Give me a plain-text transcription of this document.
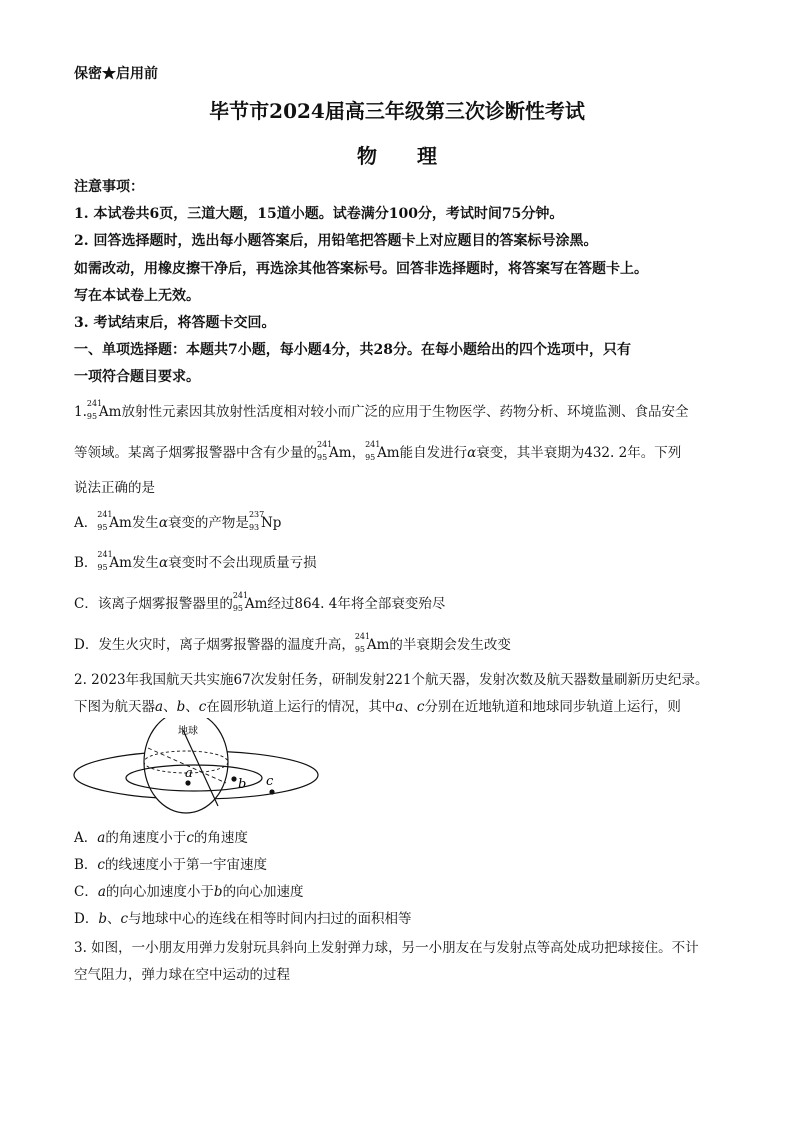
保密★启用前
毕节市2024届高三年级第三次诊断性考试
物 理
注意事项：
1. 本试卷共6页，三道大题，15道小题。试卷满分100分，考试时间75分钟。
2. 回答选择题时，选出每小题答案后，用铅笔把答题卡上对应题目的答案标号涂黑。
如需改动，用橡皮擦干净后，再选涂其他答案标号。回答非选择题时，将答案写在答题卡上。
写在本试卷上无效。
3. 考试结束后，将答题卡交回。
一、单项选择题：本题共7小题，每小题4分，共28分。在每小题给出的四个选项中，只有
一项符合题目要求。
1.
241
95 Am放射性元素因其放射性活度相对较小而广泛的应用于生物医学、药物分析、环境监测、食品安全
等领域。某离子烟雾报警器中含有少量的
241
95 Am，
241
95 Am能自发进行α衰变，其半衰期为432. 2年。下列
说法正确的是
A．
241
95 Am发生α衰变的产物是
237
93 Np
B．
241
95 Am发生α衰变时不会出现质量亏损
C．该离子烟雾报警器里的
241
95 Am经过864. 4年将全部衰变殆尽
D．发生火灾时，离子烟雾报警器的温度升高，
241
95 Am的半衰期会发生改变
2. 2023年我国航天共实施67次发射任务，研制发射221个航天器，发射次数及航天器数量刷新历史纪录。
下图为航天器a、b、c在圆形轨道上运行的情况，其中a、c分别在近地轨道和地球同步轨道上运行，则
地球
a
b c
A．a的角速度小于c的角速度
B．c的线速度小于第一宇宙速度
C．a的向心加速度小于b的向心加速度
D．b、c与地球中心的连线在相等时间内扫过的面积相等
3. 如图，一小朋友用弹力发射玩具斜向上发射弹力球，另一小朋友在与发射点等高处成功把球接住。不计
空气阻力，弹力球在空中运动的过程
